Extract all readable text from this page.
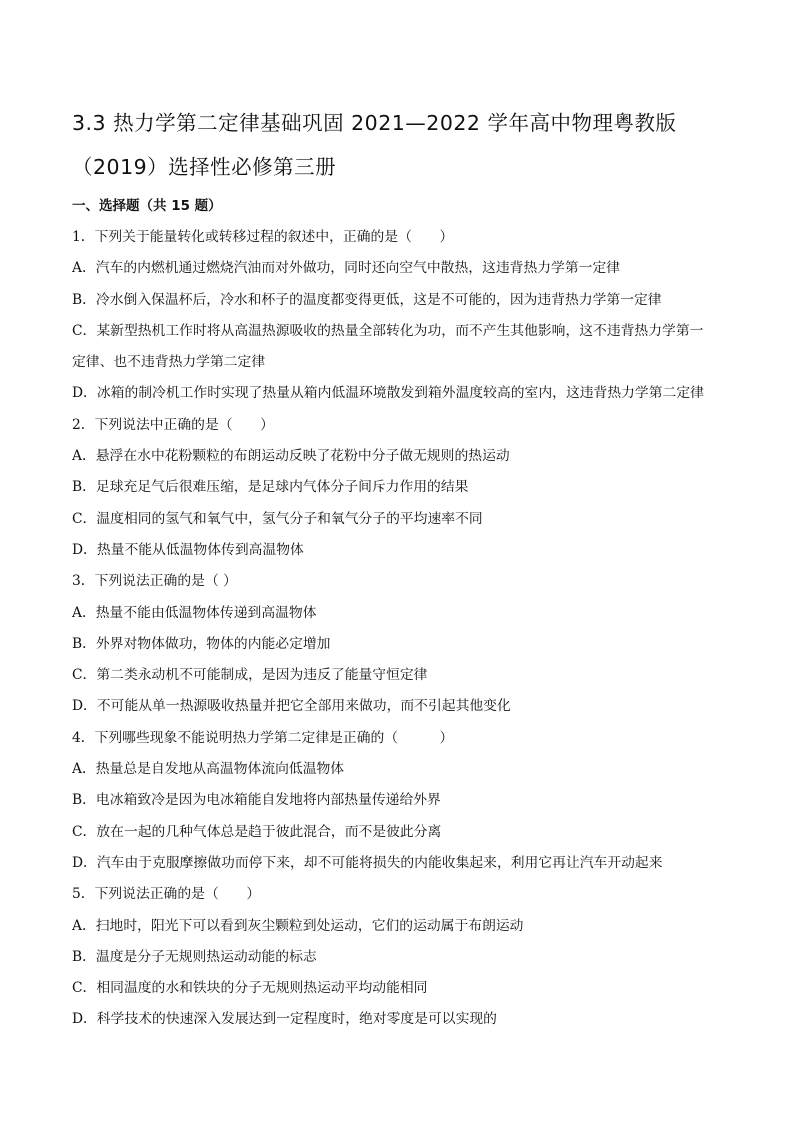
3.3 热力学第二定律基础巩固 2021—2022 学年高中物理粤教版
（2019）选择性必修第三册
一、选择题（共 15 题）
1．下列关于能量转化或转移过程的叙述中，正确的是（　　）
A．汽车的内燃机通过燃烧汽油而对外做功，同时还向空气中散热，这违背热力学第一定律
B．冷水倒入保温杯后，冷水和杯子的温度都变得更低，这是不可能的，因为违背热力学第一定律
C．某新型热机工作时将从高温热源吸收的热量全部转化为功，而不产生其他影响，这不违背热力学第一
定律、也不违背热力学第二定律
D．冰箱的制冷机工作时实现了热量从箱内低温环境散发到箱外温度较高的室内，这违背热力学第二定律
2．下列说法中正确的是（　　）
A．悬浮在水中花粉颗粒的布朗运动反映了花粉中分子做无规则的热运动
B．足球充足气后很难压缩，是足球内气体分子间斥力作用的结果
C．温度相同的氢气和氧气中，氢气分子和氧气分子的平均速率不同
D．热量不能从低温物体传到高温物体
3．下列说法正确的是（ ）
A．热量不能由低温物体传递到高温物体
B．外界对物体做功，物体的内能必定增加
C．第二类永动机不可能制成，是因为违反了能量守恒定律
D．不可能从单一热源吸收热量并把它全部用来做功，而不引起其他变化
4．下列哪些现象不能说明热力学第二定律是正确的（　　　）
A．热量总是自发地从高温物体流向低温物体
B．电冰箱致冷是因为电冰箱能自发地将内部热量传递给外界
C．放在一起的几种气体总是趋于彼此混合，而不是彼此分离
D．汽车由于克服摩擦做功而停下来，却不可能将损失的内能收集起来，利用它再让汽车开动起来
5．下列说法正确的是（　　）
A．扫地时，阳光下可以看到灰尘颗粒到处运动，它们的运动属于布朗运动
B．温度是分子无规则热运动动能的标志
C．相同温度的水和铁块的分子无规则热运动平均动能相同
D．科学技术的快速深入发展达到一定程度时，绝对零度是可以实现的
